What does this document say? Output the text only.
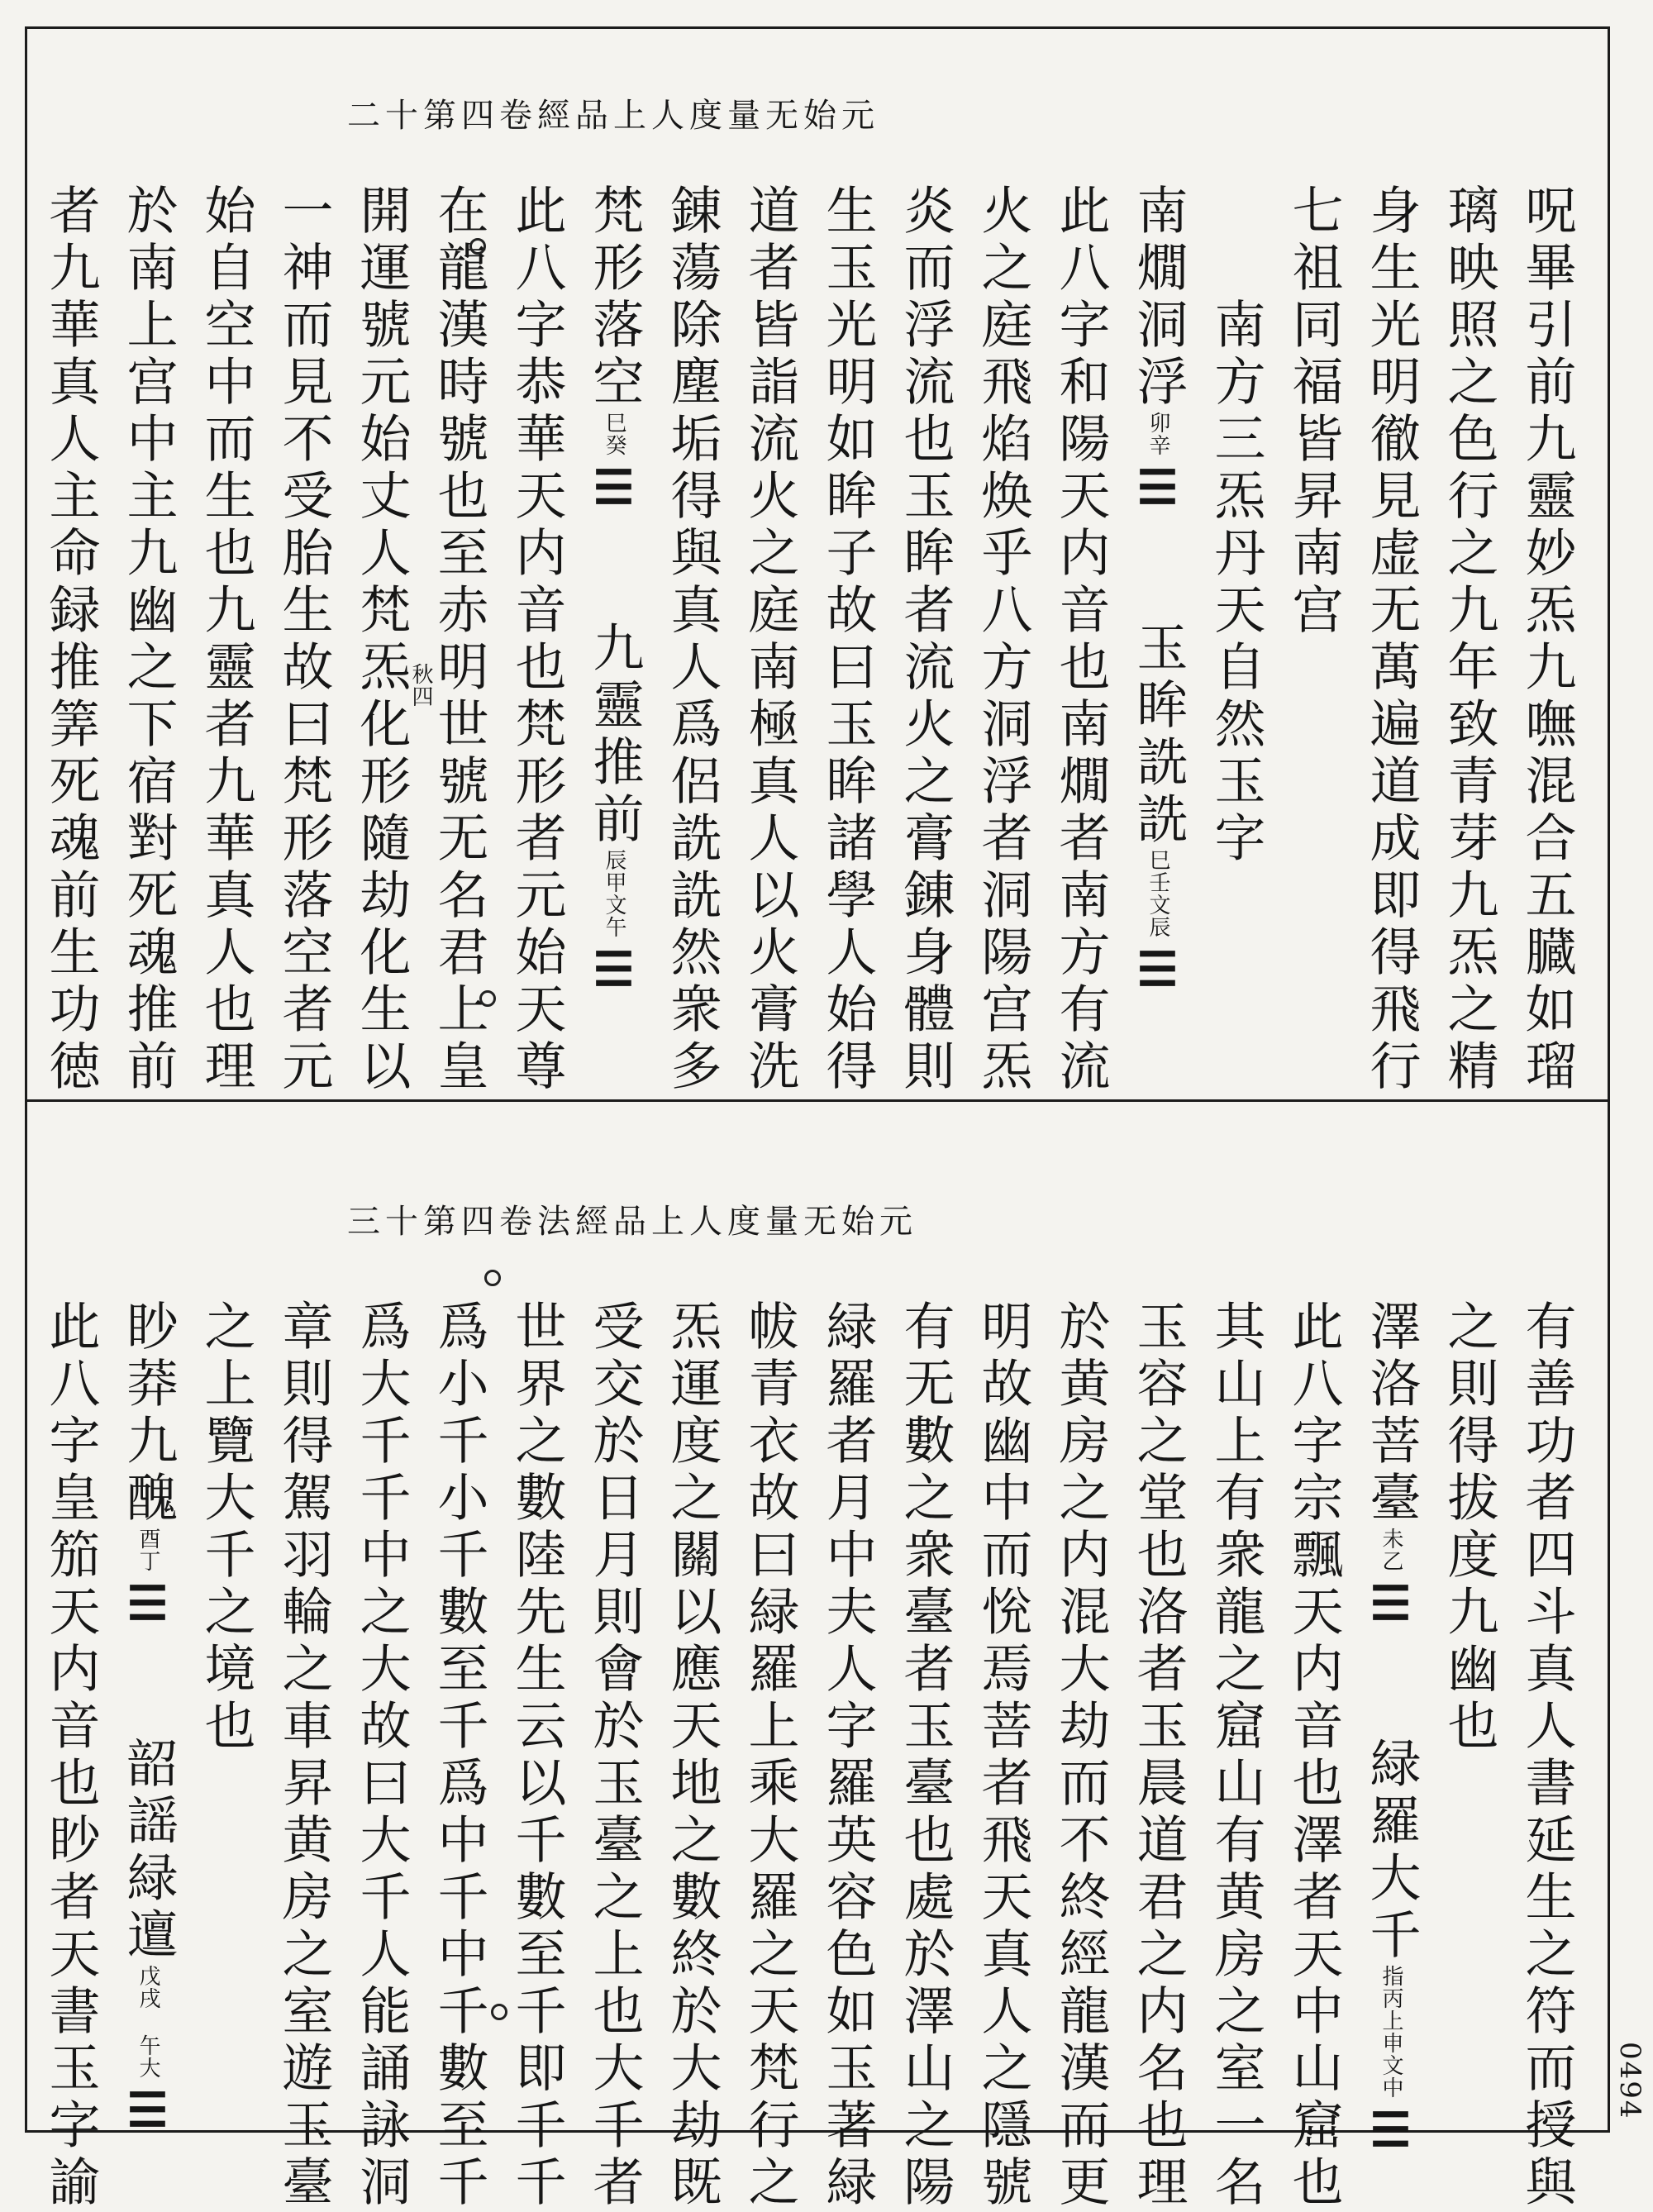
元始无量度人上品經卷四第十二
元始无量度人上品經法卷四第十三
呪畢引前九靈妙炁九嘸混合五臓如瑠
璃映照之色行之九年致青芽九炁之精
身生光明徹見虚无萬遍道成即得飛行
七祖同福皆昇南宫
南方三炁丹天自然玉字
南燗洞浮卯辛☰玉眸詵詵巳壬文辰☰
此八字和陽天内音也南燗者南方有流
火之庭飛焰焕乎八方洞浮者洞陽宫炁
炎而浮流也玉眸者流火之膏錬身體則
生玉光明如眸子故曰玉眸諸學人始得
道者皆詣流火之庭南極真人以火膏洗
錬蕩除塵垢得與真人爲侶詵詵然衆多
梵形落空巳癸☰九靈推前辰甲文午☰
此八字恭華天内音也梵形者元始天尊
在龍漢時號也至赤明世號无名君上皇
秋四
開運號元始丈人梵炁化形隨劫化生以
一神而見不受胎生故曰梵形落空者元
始自空中而生也九靈者九華真人也理
於南上宫中主九幽之下宿對死魂推前
者九華真人主命録推筭死魂前生功徳
有善功者四斗真人書延生之符而授與
之則得拔度九幽也
澤洛菩臺未乙☰緑羅大千指丙上申文中☰
此八字宗飄天内音也澤者天中山窟也
其山上有衆龍之窟山有黄房之室一名
玉容之堂也洛者玉晨道君之内名也理
於黄房之内混大劫而不終經龍漢而更
明故幽中而恱焉菩者飛天真人之隱號
有无數之衆臺者玉臺也處於澤山之陽
緑羅者月中夫人字羅英容色如玉著緑
帗青衣故曰緑羅上乘大羅之天梵行之
炁運度之關以應天地之數終於大劫既
受交於日月則會於玉臺之上也大千者
世界之數陸先生云以千數至千即千千
爲小千小千數至千爲中千中千數至千
爲大千千中之大故曰大千人能誦詠洞
章則得駕羽輪之車昇黄房之室遊玉臺
之上覽大千之境也
眇莽九醜酉丁☰韶謡緑邅戊戌午大☰
此八字皇笳天内音也眇者天書玉字諭	0494
